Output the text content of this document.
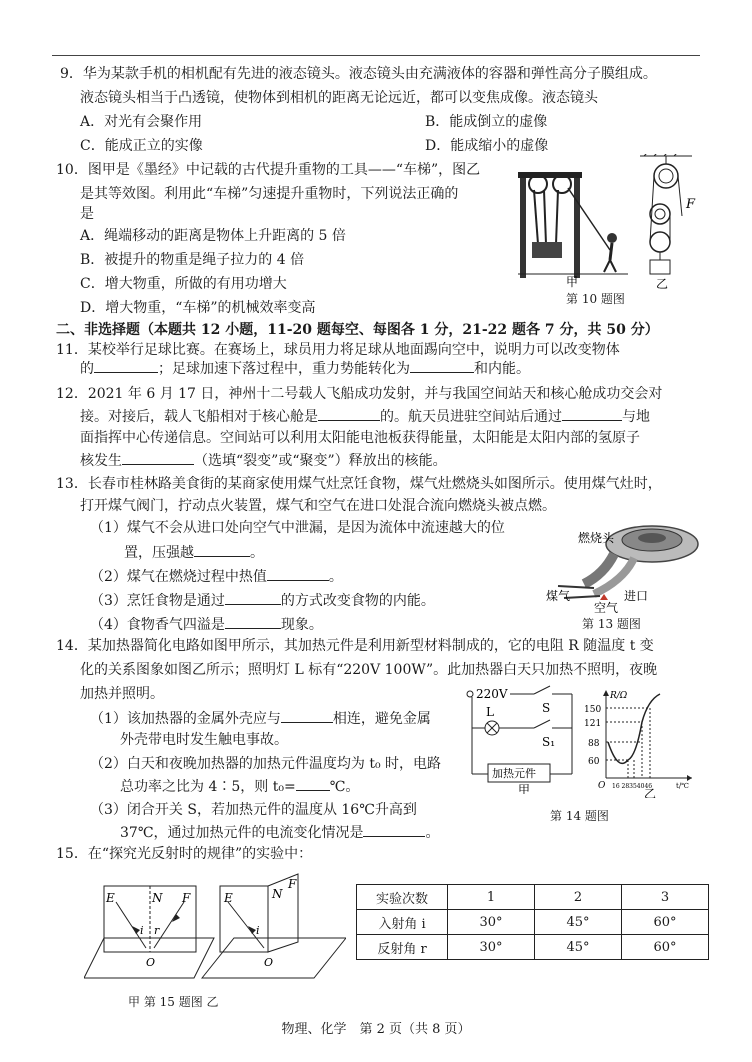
9．华为某款手机的相机配有先进的液态镜头。液态镜头由充满液体的容器和弹性高分子膜组成。
液态镜头相当于凸透镜，使物体到相机的距离无论远近，都可以变焦成像。液态镜头
A．对光有会聚作用	B．能成倒立的虚像
C．能成正立的实像	D．能成缩小的虚像
10．图甲是《墨经》中记载的古代提升重物的工具——“车梯”，图乙
是其等效图。利用此“车梯”匀速提升重物时，下列说法正确的
是
A．绳端移动的距离是物体上升距离的 5 倍
B．被提升的物重是绳子拉力的 4 倍
C．增大物重，所做的有用功增大
D．增大物重，“车梯”的机械效率变高
甲
F
乙
第 10 题图
二、非选择题（本题共 12 小题，11-20 题每空、每图各 1 分，21-22 题各 7 分，共 50 分）
11．某校举行足球比赛。在赛场上，球员用力将足球从地面踢向空中，说明力可以改变物体
的	；足球加速下落过程中，重力势能转化为	和内能。
12．2021 年 6 月 17 日，神州十二号载人飞船成功发射，并与我国空间站天和核心舱成功交会对
接。对接后，载人飞船相对于核心舱是	的。航天员进驻空间站后通过	与地
面指挥中心传递信息。空间站可以利用太阳能电池板获得能量，太阳能是太阳内部的氢原子
核发生	（选填“裂变”或“聚变”）释放出的核能。
13．长春市桂林路美食街的某商家使用煤气灶烹饪食物，煤气灶燃烧头如图所示。使用煤气灶时，
打开煤气阀门，拧动点火装置，煤气和空气在进口处混合流向燃烧头被点燃。
（1）煤气不会从进口处向空气中泄漏，是因为流体中流速越大的位
置，压强越	。
（2）煤气在燃烧过程中热值	。
（3）烹饪食物是通过	的方式改变食物的内能。
（4）食物香气四溢是	现象。
燃烧头
煤气
空气
进口
第 13 题图
14．某加热器简化电路如图甲所示，其加热元件是利用新型材料制成的，它的电阻 R 随温度 t 变
化的关系图象如图乙所示；照明灯 L 标有“220V 100W”。此加热器白天只加热不照明，夜晚
加热并照明。
（1）该加热器的金属外壳应与	相连，避免金属
外壳带电时发生触电事故。
（2）白天和夜晚加热器的加热元件温度均为 t₀ 时，电路
总功率之比为 4∶5，则 t₀= ℃。
（3）闭合开关 S，若加热元件的温度从 16℃升高到
37℃，通过加热元件的电流变化情况是	。
220V
S
L
S₁
加热元件
甲
R/Ω
150
121
88
60
O 16 28354046	t/℃
乙
第 14 题图
15．在“探究光反射时的规律”的实验中：
E	N F
i r
O
E	N
F
i
O
甲 第 15 题图 乙
实验次数	1	2	3
入射角 i	30°	45°	60°
反射角 r	30°	45°	60°
物理、化学　第 2 页（共 8 页）
